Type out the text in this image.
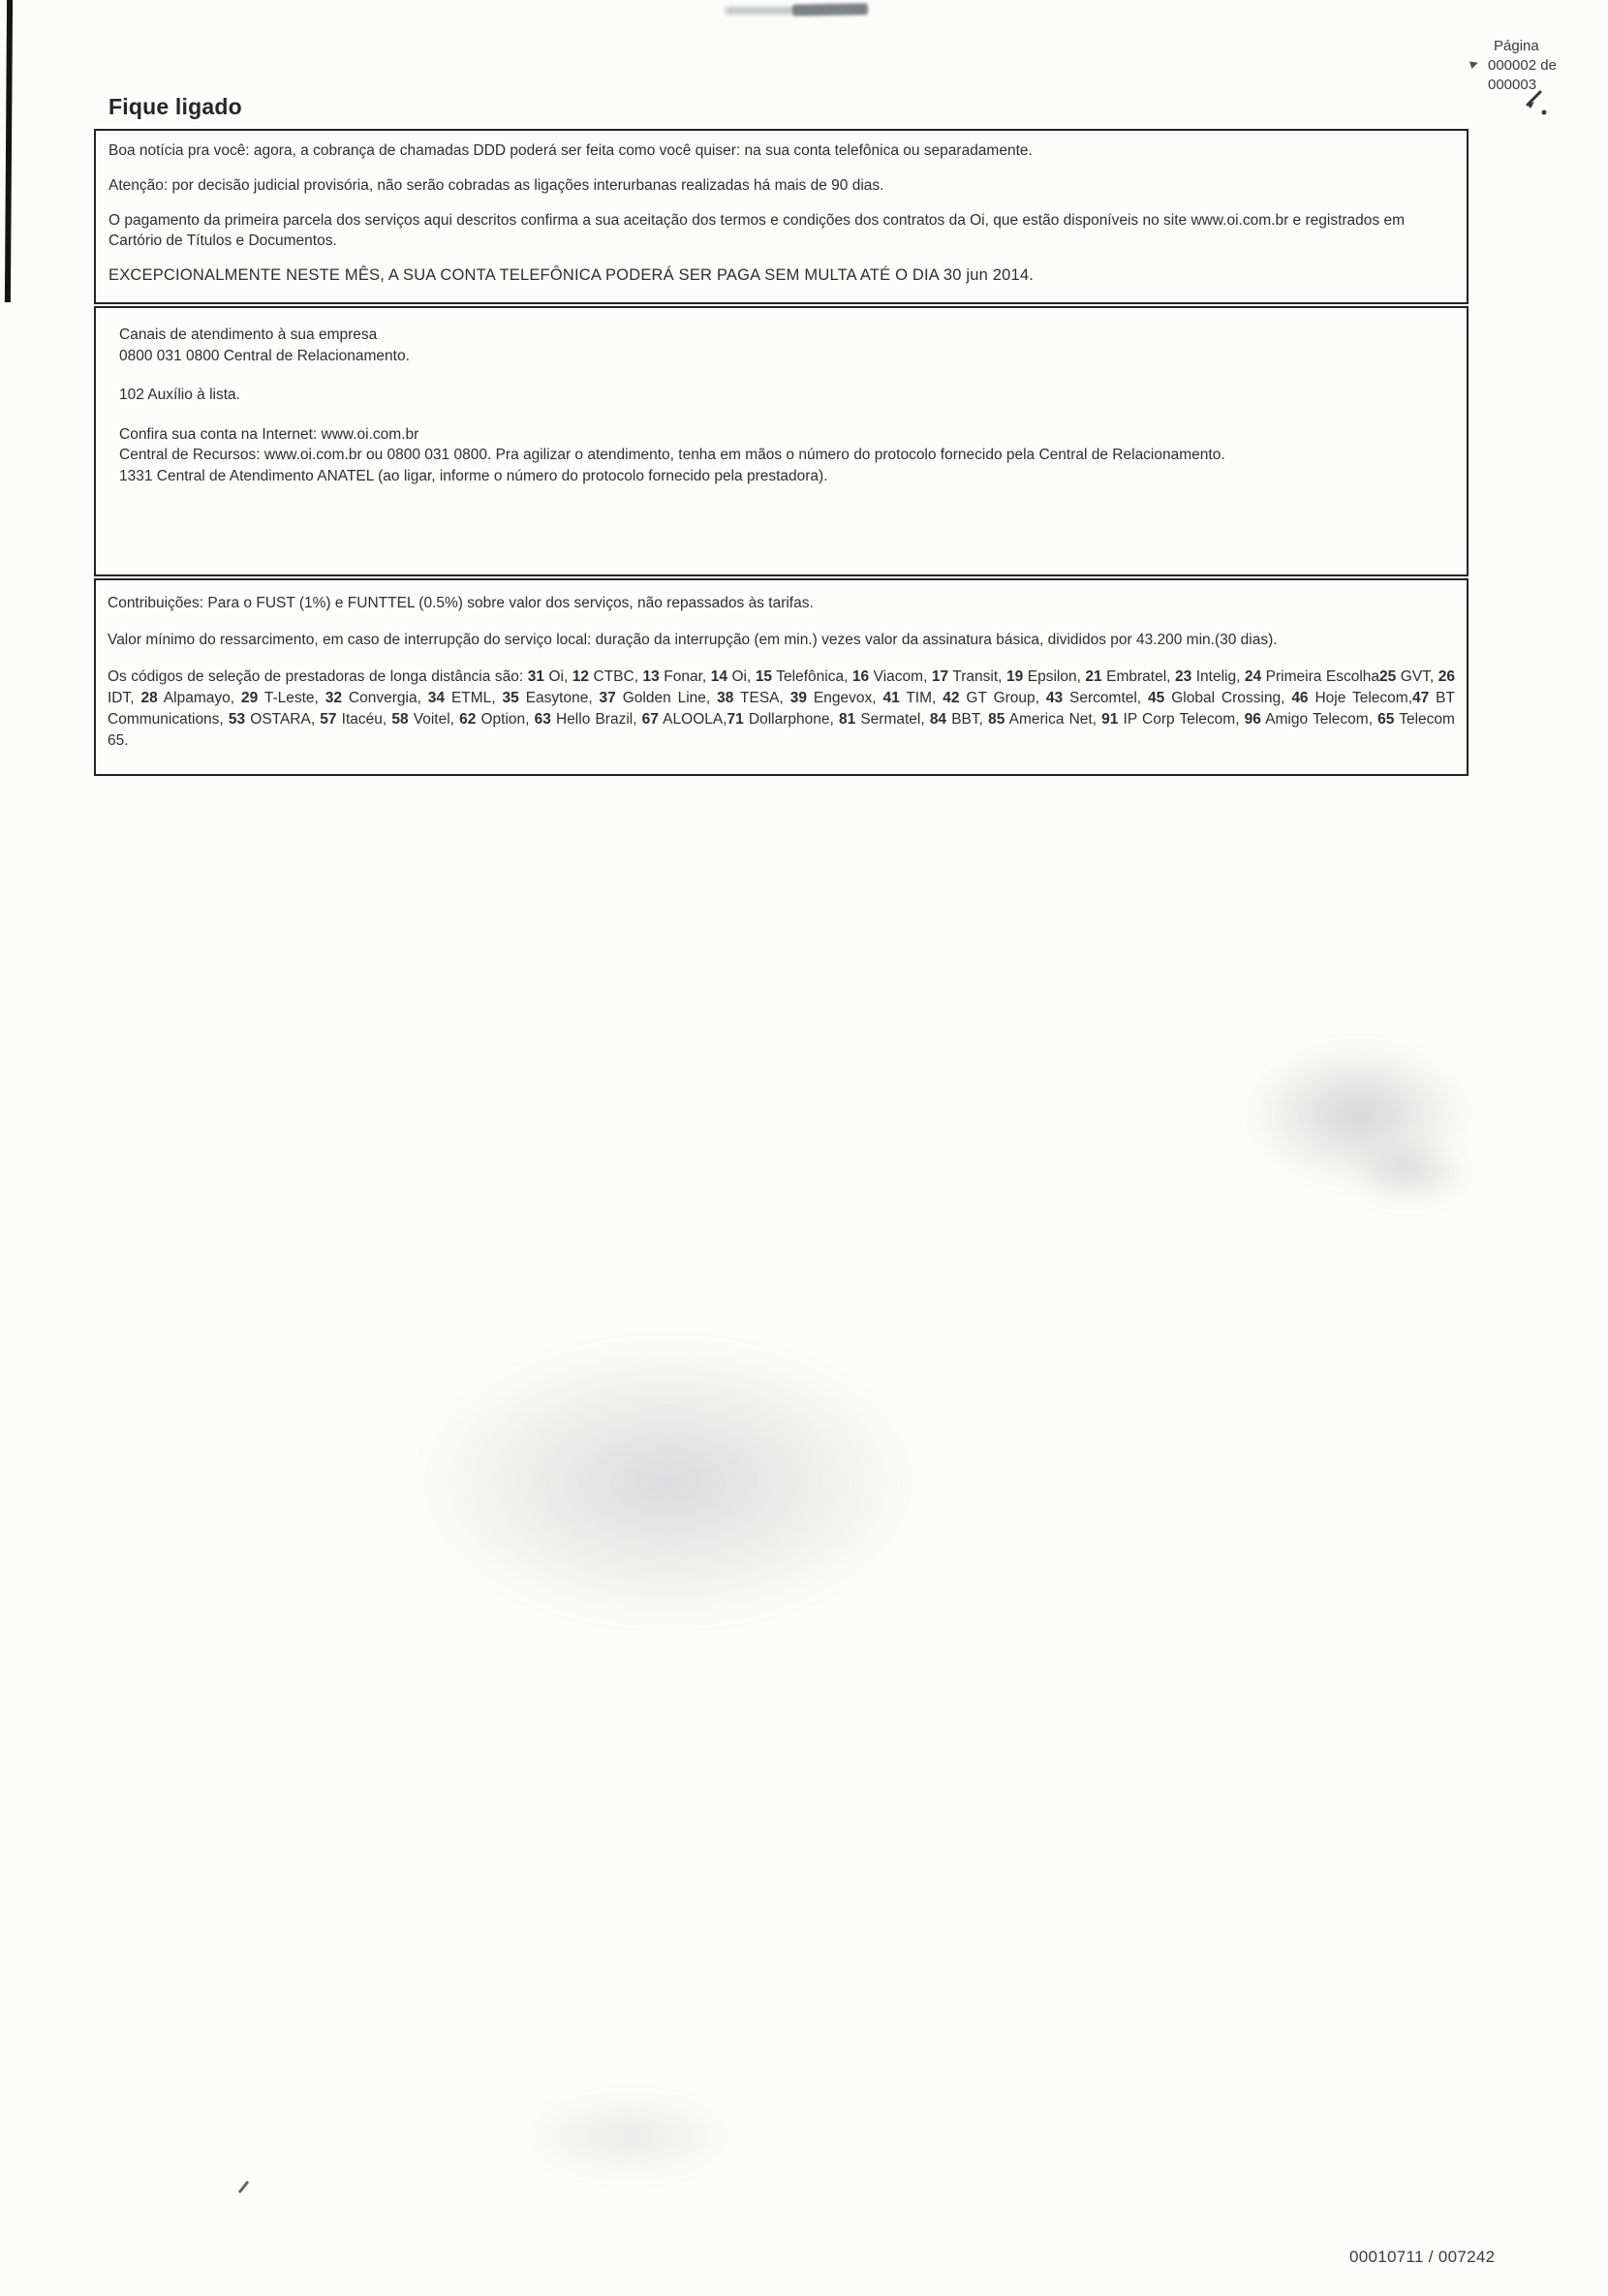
Página
000002 de
000003
Fique ligado

Boa notícia pra você: agora, a cobrança de chamadas DDD poderá ser feita como você quiser: na sua conta telefônica ou separadamente.

Atenção: por decisão judicial provisória, não serão cobradas as ligações interurbanas realizadas há mais de 90 dias.

O pagamento da primeira parcela dos serviços aqui descritos confirma a sua aceitação dos termos e condições dos contratos da Oi, que estão disponíveis no site www.oi.com.br e registrados em Cartório de Títulos e Documentos.

EXCEPCIONALMENTE NESTE MÊS, A SUA CONTA TELEFÔNICA PODERÁ SER PAGA SEM MULTA ATÉ O DIA 30 jun 2014.

Canais de atendimento à sua empresa
0800 031 0800 Central de Relacionamento.

102 Auxílio à lista.

Confira sua conta na Internet: www.oi.com.br
Central de Recursos: www.oi.com.br ou 0800 031 0800. Pra agilizar o atendimento, tenha em mãos o número do protocolo fornecido pela Central de Relacionamento.
1331 Central de Atendimento ANATEL (ao ligar, informe o número do protocolo fornecido pela prestadora).

Contribuições: Para o FUST (1%) e FUNTTEL (0.5%) sobre valor dos serviços, não repassados às tarifas.

Valor mínimo do ressarcimento, em caso de interrupção do serviço local: duração da interrupção (em min.) vezes valor da assinatura básica, divididos por 43.200 min.(30 dias).

Os códigos de seleção de prestadoras de longa distância são: 31 Oi, 12 CTBC, 13 Fonar, 14 Oi, 15 Telefônica, 16 Viacom, 17 Transit, 19 Epsilon, 21 Embratel, 23 Intelig, 24 Primeira Escolha25 GVT, 26 IDT, 28 Alpamayo, 29 T-Leste, 32 Convergia, 34 ETML, 35 Easytone, 37 Golden Line, 38 TESA, 39 Engevox, 41 TIM, 42 GT Group, 43 Sercomtel, 45 Global Crossing, 46 Hoje Telecom,47 BT Communications, 53 OSTARA, 57 Itacéu, 58 Voitel, 62 Option, 63 Hello Brazil, 67 ALOOLA,71 Dollarphone, 81 Sermatel, 84 BBT, 85 America Net, 91 IP Corp Telecom, 96 Amigo Telecom, 65 Telecom 65.

00010711 / 007242
